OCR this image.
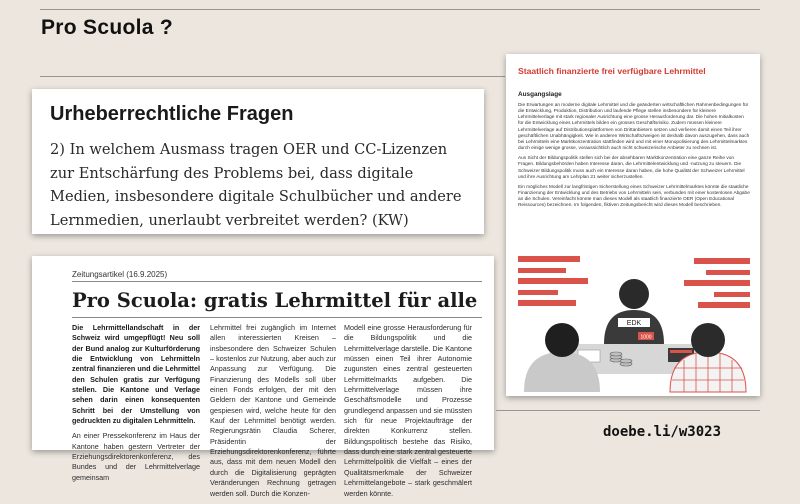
Pro Scuola ?
Urheberrechtliche Fragen
2) In welchem Ausmass tragen OER und CC-Lizenzen zur Entschärfung des Problems bei, dass digitale Medien, insbesondere digitale Schulbücher und andere Lernmedien, unerlaubt verbreitet werden? (KW)
Zeitungsartikel (16.9.2025)
Pro Scuola: gratis Lehrmittel für alle

Die Lehrmittellandschaft in der Schweiz wird umgepflügt! Neu soll der Bund analog zur Kulturförderung die Entwicklung von Lehrmitteln zentral finanzieren und die Lehrmittel den Schulen gratis zur Verfügung stellen. Die Kantone und Verlage sehen darin einen konsequenten Schritt bei der Umstellung von gedruckten zu digitalen Lehrmitteln.

An einer Pressekonferenz im Haus der Kantone haben gestern Vertreter der Erziehungsdirektorenkonferenz, des Bundes und der Lehrmittelverlage gemeinsam

Lehrmittel frei zugänglich im Internet allen interessierten Kreisen – insbesondere den Schweizer Schulen – kostenlos zur Nutzung, aber auch zur Anpassung zur Verfügung. Die Finanzierung des Modells soll über einen Fonds erfolgen, der mit den Geldern der Kantone und Gemeinde gespiesen wird, welche heute für den Kauf der Lehrmittel benötigt werden. Regierungsrätin Claudia Scherer, Präsidentin der Erziehungsdirektorenkonferenz, führte aus, dass mit dem neuen Modell den durch die Digitalisierung geprägten Veränderungen Rechnung getragen werden soll. Durch die Konzen-

Modell eine grosse Herausforderung für die Bildungspolitik und die Lehrmittelverlage darstelle. Die Kantone müssen einen Teil ihrer Autonomie zugunsten eines zentral gesteuerten Lehrmittelmarkts aufgeben. Die Lehrmittelverlage müssen ihre Geschäftsmodelle und Prozesse grundlegend anpassen und sie müssten sich für neue Projektaufträge der direkten Konkurrenz stellen. Bildungspolitisch bestehe das Risiko, dass durch eine stark zentral gesteuerte Lehrmittelpolitik die Vielfalt – eines der Qualitätsmerkmale der Schweizer Lehrmittelangebote – stark geschmälert werden könnte.

Staatlich finanzierte frei verfügbare Lehrmittel
Ausgangslage

Die Erwartungen an moderne digitale Lehrmittel und die geänderten wirtschaftlichen Rahmenbedingungen für die Entwicklung, Produktion, Distribution und laufende Pflege stellen insbesondere für kleinere Lehrmittelverlage mit stark regionaler Ausrichtung eine grosse Herausforderung dar. Die hohen Initialkosten für die Entwicklung eines Lehrmittels bilden ein grosses Geschäftsrisiko. Zudem müssen kleinere Lehrmittelverlage auf Distributionsplattformen von Drittanbietern setzen und verlieren damit einen Teil ihrer geschäftlichen Unabhängigkeit. Wie in anderen Wirtschaftszweigen ist deshalb davon auszugehen, dass auch bei Lehrmitteln eine Marktkonzentration stattfinden wird und mit einer Monopolisierung des Lehrmittelmarktes durch einige wenige grosse, voraussichtlich auch nicht schweizerische Anbieter zu rechnen ist.

Aus Sicht der Bildungspolitik stellen sich bei der absehbaren Marktkonzentration eine ganze Reihe von Fragen. Bildungsbehörden haben Interesse daran, die Lehrmittelentwicklung und -nutzung zu steuern. Die Schweizer Bildungspolitik muss auch ein Interesse daran haben, die hohe Qualität der Schweizer Lehrmittel und ihre Ausrichtung am Lehrplan 21 weiter sicherzustellen.

Ein mögliches Modell zur langfristigen Sicherstellung eines Schweizer Lehrmittelmarktes könnte die staatliche Finanzierung der Entwicklung und des Betriebs von Lehrmitteln sein, verbunden mit einer kostenlosen Abgabe an die Schulen. Vereinfacht könnte man dieses Modell als staatlich finanzierte OER (Open Educational Reissources) bezeichnen. Im folgenden, fiktiven Zeitungsbericht wird dieses Modell beschrieben.

EDK
1000
doebe.li/w3023
